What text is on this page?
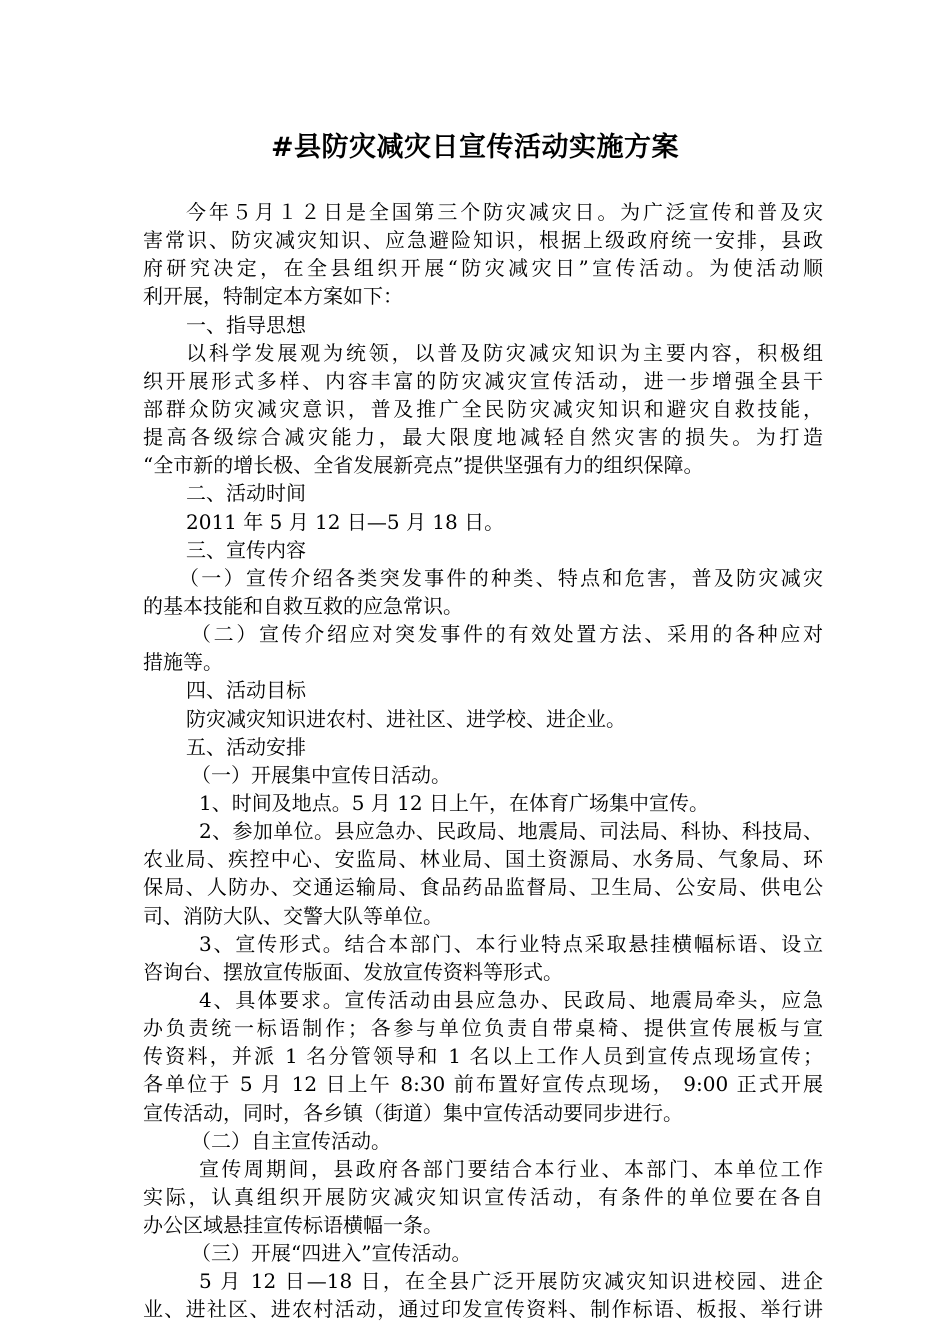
#县防灾减灾日宣传活动实施方案
今年５月１２日是全国第三个防灾减灾日。为广泛宣传和普及灾
害常识、防灾减灾知识、应急避险知识，根据上级政府统一安排，县政
府研究决定，在全县组织开展“防灾减灾日”宣传活动。为使活动顺
利开展，特制定本方案如下：
一、指导思想
以科学发展观为统领，以普及防灾减灾知识为主要内容，积极组
织开展形式多样、内容丰富的防灾减灾宣传活动，进一步增强全县干
部群众防灾减灾意识，普及推广全民防灾减灾知识和避灾自救技能，
提高各级综合减灾能力，最大限度地减轻自然灾害的损失。为打造
“全市新的增长极、全省发展新亮点”提供坚强有力的组织保障。
二、活动时间
2011 年 5 月 12 日—5 月 18 日。
三、宣传内容
（一）宣传介绍各类突发事件的种类、特点和危害，普及防灾减灾
的基本技能和自救互救的应急常识。
（二）宣传介绍应对突发事件的有效处置方法、采用的各种应对
措施等。
四、活动目标
防灾减灾知识进农村、进社区、进学校、进企业。
五、活动安排
（一）开展集中宣传日活动。
1、时间及地点。5 月 12 日上午，在体育广场集中宣传。
2、参加单位。县应急办、民政局、地震局、司法局、科协、科技局、
农业局、疾控中心、安监局、林业局、国土资源局、水务局、气象局、环
保局、人防办、交通运输局、食品药品监督局、卫生局、公安局、供电公
司、消防大队、交警大队等单位。
3、宣传形式。结合本部门、本行业特点采取悬挂横幅标语、设立
咨询台、摆放宣传版面、发放宣传资料等形式。
4、具体要求。宣传活动由县应急办、民政局、地震局牵头，应急
办负责统一标语制作；各参与单位负责自带桌椅、提供宣传展板与宣
传资料，并派 1 名分管领导和 1 名以上工作人员到宣传点现场宣传；
各单位于 5 月 12 日上午 8:30 前布置好宣传点现场， 9:00 正式开展
宣传活动，同时，各乡镇（街道）集中宣传活动要同步进行。
（二）自主宣传活动。
宣传周期间，县政府各部门要结合本行业、本部门、本单位工作
实际，认真组织开展防灾减灾知识宣传活动，有条件的单位要在各自
办公区域悬挂宣传标语横幅一条。
（三）开展“四进入”宣传活动。
5 月 12 日—18 日，在全县广泛开展防灾减灾知识进校园、进企
业、进社区、进农村活动，通过印发宣传资料、制作标语、板报、举行讲
